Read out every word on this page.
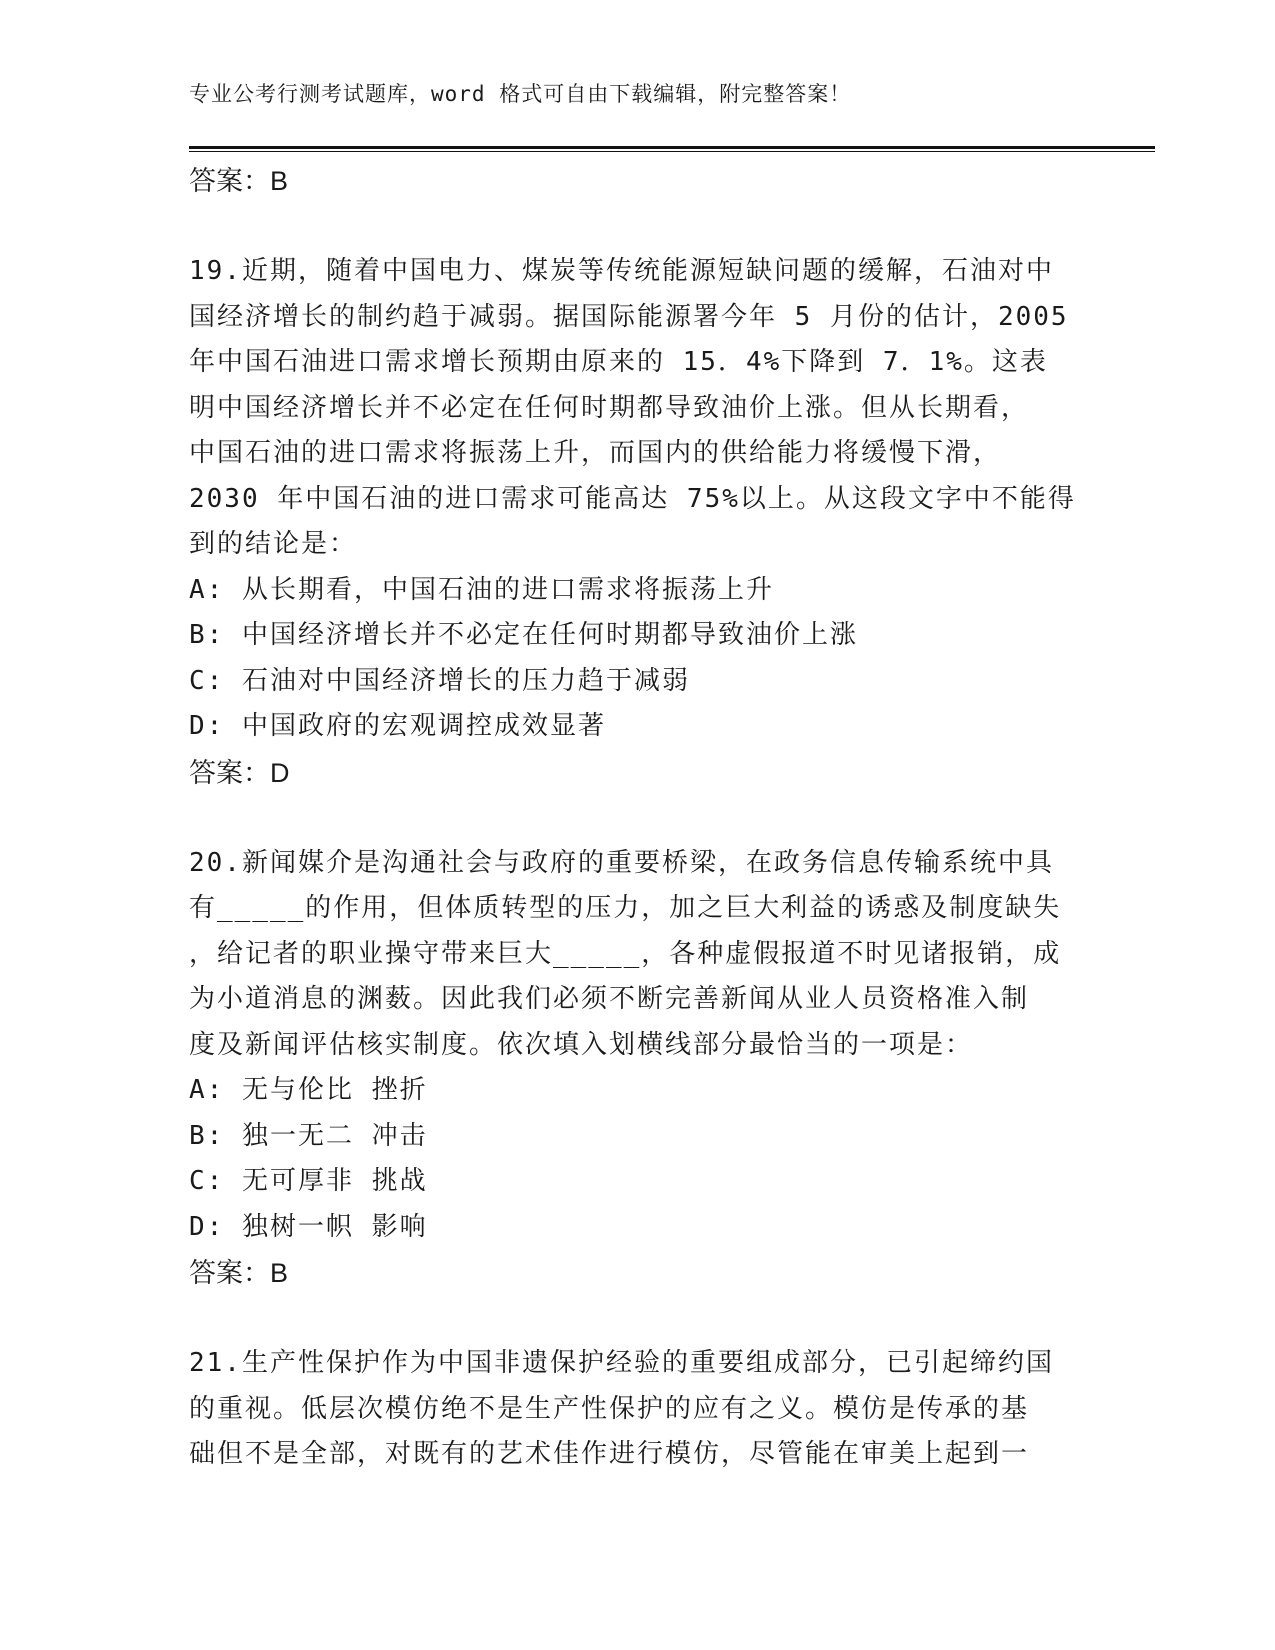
专业公考行测考试题库，word 格式可自由下载编辑，附完整答案！
答案：B
19.近期，随着中国电力、煤炭等传统能源短缺问题的缓解，石油对中
国经济增长的制约趋于减弱。据国际能源署今年 5 月份的估计，2005
年中国石油进口需求增长预期由原来的 15．4%下降到 7．1%。这表
明中国经济增长并不必定在任何时期都导致油价上涨。但从长期看，
中国石油的进口需求将振荡上升，而国内的供给能力将缓慢下滑，
2030 年中国石油的进口需求可能高达 75%以上。从这段文字中不能得
到的结论是：
A: 从长期看，中国石油的进口需求将振荡上升
B: 中国经济增长并不必定在任何时期都导致油价上涨
C: 石油对中国经济增长的压力趋于减弱
D: 中国政府的宏观调控成效显著
答案：D
20.新闻媒介是沟通社会与政府的重要桥梁，在政务信息传输系统中具
有_____的作用，但体质转型的压力，加之巨大利益的诱惑及制度缺失
，给记者的职业操守带来巨大_____，各种虚假报道不时见诸报销，成
为小道消息的渊薮。因此我们必须不断完善新闻从业人员资格准入制
度及新闻评估核实制度。依次填入划横线部分最恰当的一项是：
A: 无与伦比 挫折
B: 独一无二 冲击
C: 无可厚非 挑战
D: 独树一帜 影响
答案：B
21.生产性保护作为中国非遗保护经验的重要组成部分，已引起缔约国
的重视。低层次模仿绝不是生产性保护的应有之义。模仿是传承的基
础但不是全部，对既有的艺术佳作进行模仿，尽管能在审美上起到一
